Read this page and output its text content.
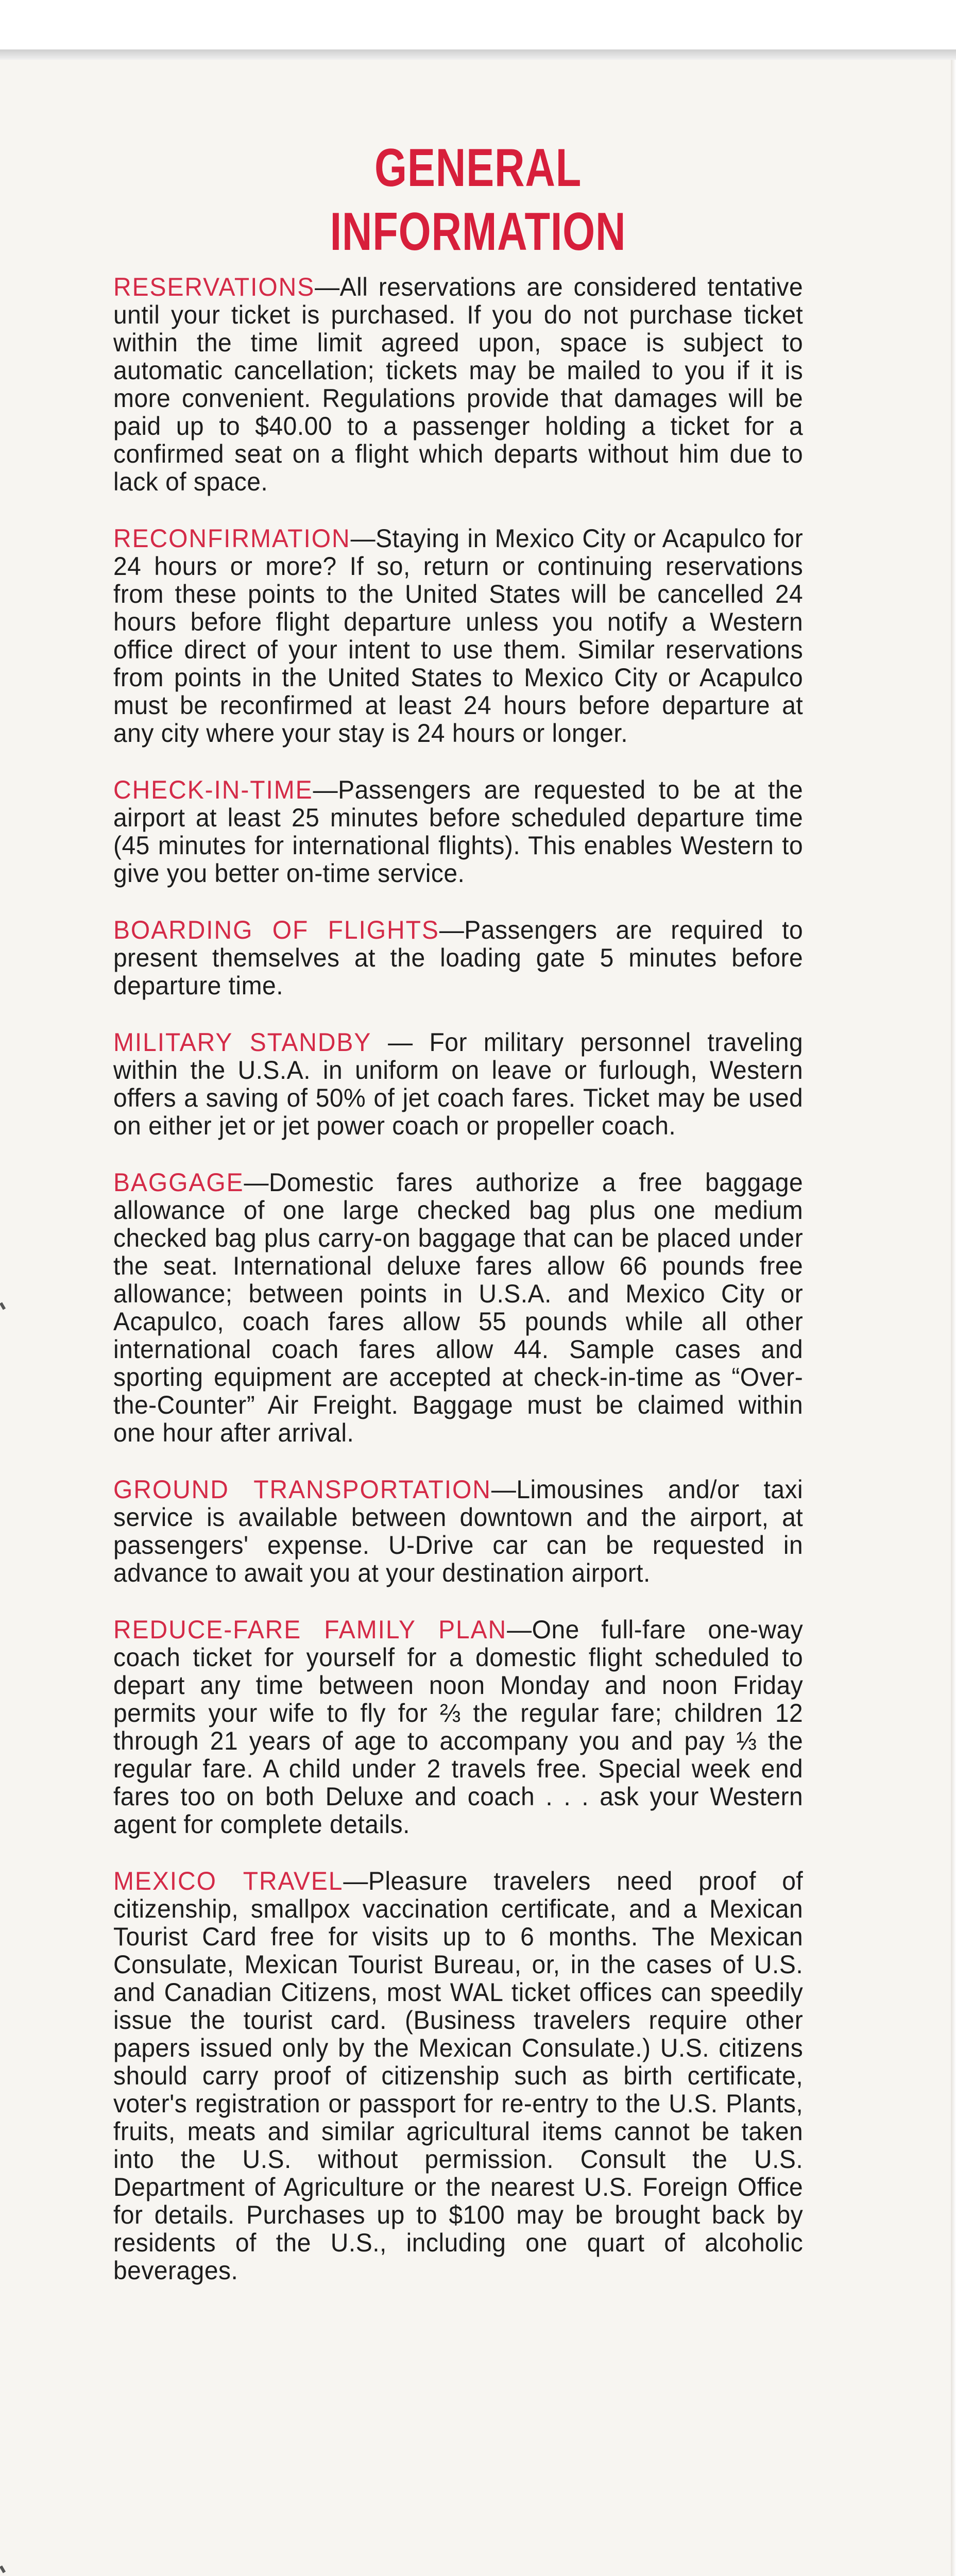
GENERAL
INFORMATION

RESERVATIONS—All reservations are considered tentative until your ticket is purchased. If you do not purchase ticket within the time limit agreed upon, space is subject to automatic cancellation; tickets may be mailed to you if it is more convenient. Regulations provide that damages will be paid up to $40.00 to a passenger holding a ticket for a confirmed seat on a flight which departs without him due to lack of space.

RECONFIRMATION—Staying in Mexico City or Acapulco for 24 hours or more? If so, return or continuing reservations from these points to the United States will be cancelled 24 hours before flight departure unless you notify a Western office direct of your intent to use them. Similar reservations from points in the United States to Mexico City or Acapulco must be reconfirmed at least 24 hours before departure at any city where your stay is 24 hours or longer.

CHECK-IN-TIME—Passengers are requested to be at the airport at least 25 minutes before scheduled departure time (45 minutes for international flights). This enables Western to give you better on-time service.

BOARDING OF FLIGHTS—Passengers are required to present themselves at the loading gate 5 minutes before departure time.

MILITARY STANDBY — For military personnel traveling within the U.S.A. in uniform on leave or furlough, Western offers a saving of 50% of jet coach fares. Ticket may be used on either jet or jet power coach or propeller coach.

BAGGAGE—Domestic fares authorize a free baggage allowance of one large checked bag plus one medium checked bag plus carry-on baggage that can be placed under the seat. International deluxe fares allow 66 pounds free allowance; between points in U.S.A. and Mexico City or Acapulco, coach fares allow 55 pounds while all other international coach fares allow 44. Sample cases and sporting equipment are accepted at check-in-time as “Over-the-Counter” Air Freight. Baggage must be claimed within one hour after arrival.

GROUND TRANSPORTATION—Limousines and/or taxi service is available between downtown and the airport, at passengers' expense. U-Drive car can be requested in advance to await you at your destination airport.

REDUCE-FARE FAMILY PLAN—One full-fare one-way coach ticket for yourself for a domestic flight scheduled to depart any time between noon Monday and noon Friday permits your wife to fly for ⅔ the regular fare; children 12 through 21 years of age to accompany you and pay ⅓ the regular fare. A child under 2 travels free. Special week end fares too on both Deluxe and coach . . . ask your Western agent for complete details.

MEXICO TRAVEL—Pleasure travelers need proof of citizenship, smallpox vaccination certificate, and a Mexican Tourist Card free for visits up to 6 months. The Mexican Consulate, Mexican Tourist Bureau, or, in the cases of U.S. and Canadian Citizens, most WAL ticket offices can speedily issue the tourist card. (Business travelers require other papers issued only by the Mexican Consulate.) U.S. citizens should carry proof of citizenship such as birth certificate, voter's registration or passport for re-entry to the U.S. Plants, fruits, meats and similar agricultural items cannot be taken into the U.S. without permission. Consult the U.S. Department of Agriculture or the nearest U.S. Foreign Office for details. Purchases up to $100 may be brought back by residents of the U.S., including one quart of alcoholic beverages.
